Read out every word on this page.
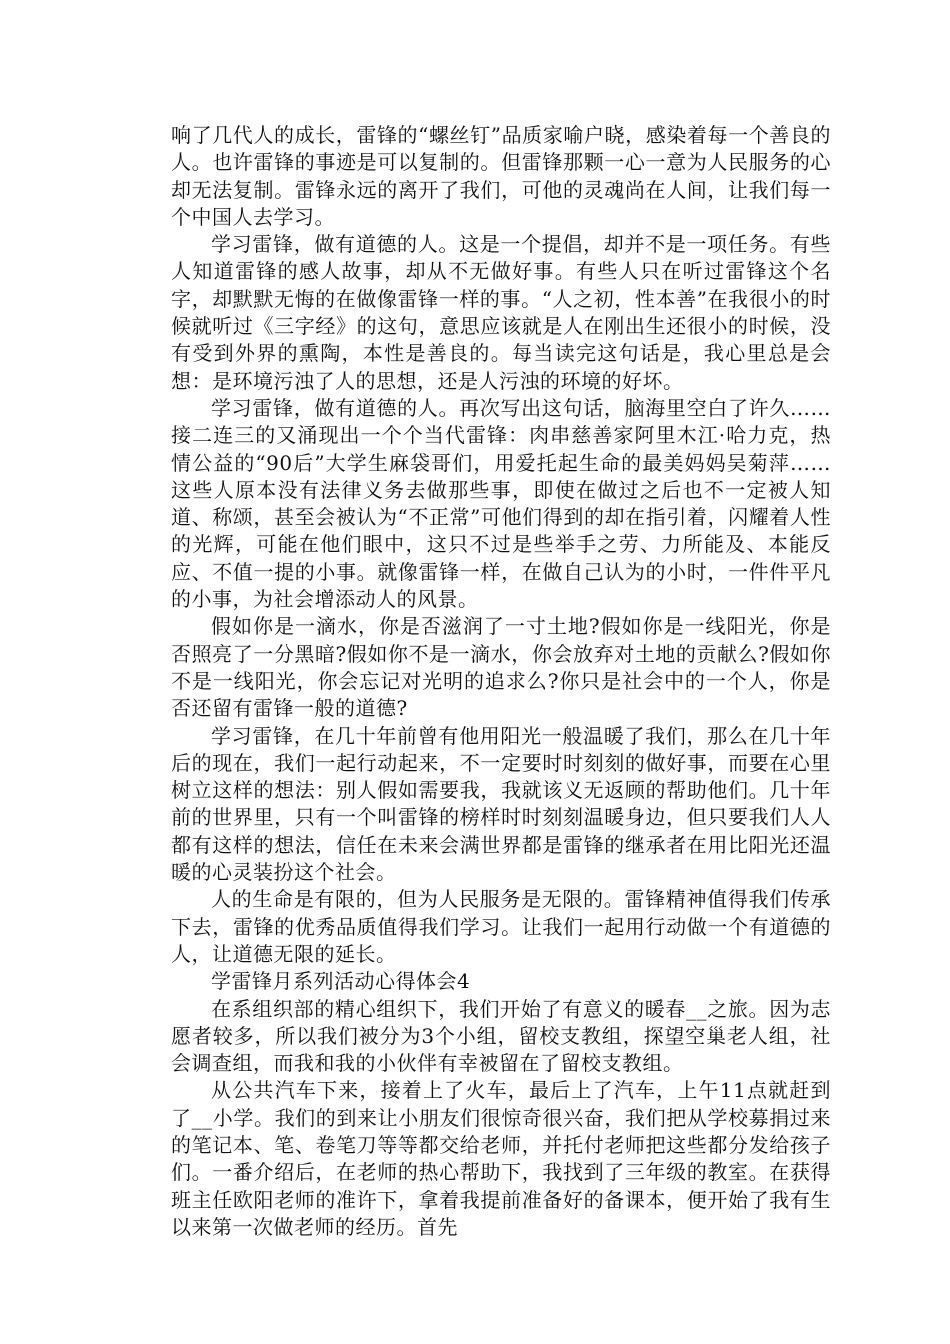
响了几代人的成长，雷锋的“螺丝钉”品质家喻户晓，感染着每一个善良的人。也许雷锋的事迹是可以复制的。但雷锋那颗一心一意为人民服务的心却无法复制。雷锋永远的离开了我们，可他的灵魂尚在人间，让我们每一个中国人去学习。

学习雷锋，做有道德的人。这是一个提倡，却并不是一项任务。有些人知道雷锋的感人故事，却从不无做好事。有些人只在听过雷锋这个名字，却默默无悔的在做像雷锋一样的事。“人之初，性本善”在我很小的时候就听过《三字经》的这句，意思应该就是人在刚出生还很小的时候，没有受到外界的熏陶，本性是善良的。每当读完这句话是，我心里总是会想：是环境污浊了人的思想，还是人污浊的环境的好坏。

学习雷锋，做有道德的人。再次写出这句话，脑海里空白了许久……接二连三的又涌现出一个个当代雷锋：肉串慈善家阿里木江·哈力克，热情公益的“90后”大学生麻袋哥们，用爱托起生命的最美妈妈吴菊萍……这些人原本没有法律义务去做那些事，即使在做过之后也不一定被人知道、称颂，甚至会被认为“不正常”可他们得到的却在指引着，闪耀着人性的光辉，可能在他们眼中，这只不过是些举手之劳、力所能及、本能反应、不值一提的小事。就像雷锋一样，在做自己认为的小时，一件件平凡的小事，为社会增添动人的风景。

假如你是一滴水，你是否滋润了一寸土地?假如你是一线阳光，你是否照亮了一分黑暗?假如你不是一滴水，你会放弃对土地的贡献么?假如你不是一线阳光，你会忘记对光明的追求么?你只是社会中的一个人，你是否还留有雷锋一般的道德?

学习雷锋，在几十年前曾有他用阳光一般温暖了我们，那么在几十年后的现在，我们一起行动起来，不一定要时时刻刻的做好事，而要在心里树立这样的想法：别人假如需要我，我就该义无返顾的帮助他们。几十年前的世界里，只有一个叫雷锋的榜样时时刻刻温暖身边，但只要我们人人都有这样的想法，信任在未来会满世界都是雷锋的继承者在用比阳光还温暖的心灵装扮这个社会。

人的生命是有限的，但为人民服务是无限的。雷锋精神值得我们传承下去，雷锋的优秀品质值得我们学习。让我们一起用行动做一个有道德的人，让道德无限的延长。

学雷锋月系列活动心得体会4

在系组织部的精心组织下，我们开始了有意义的暖春__之旅。因为志愿者较多，所以我们被分为3个小组，留校支教组，探望空巢老人组，社会调查组，而我和我的小伙伴有幸被留在了留校支教组。

从公共汽车下来，接着上了火车，最后上了汽车，上午11点就赶到了__小学。我们的到来让小朋友们很惊奇很兴奋，我们把从学校募捐过来的笔记本、笔、卷笔刀等等都交给老师，并托付老师把这些都分发给孩子们。一番介绍后，在老师的热心帮助下，我找到了三年级的教室。在获得班主任欧阳老师的准许下，拿着我提前准备好的备课本，便开始了我有生以来第一次做老师的经历。首先
